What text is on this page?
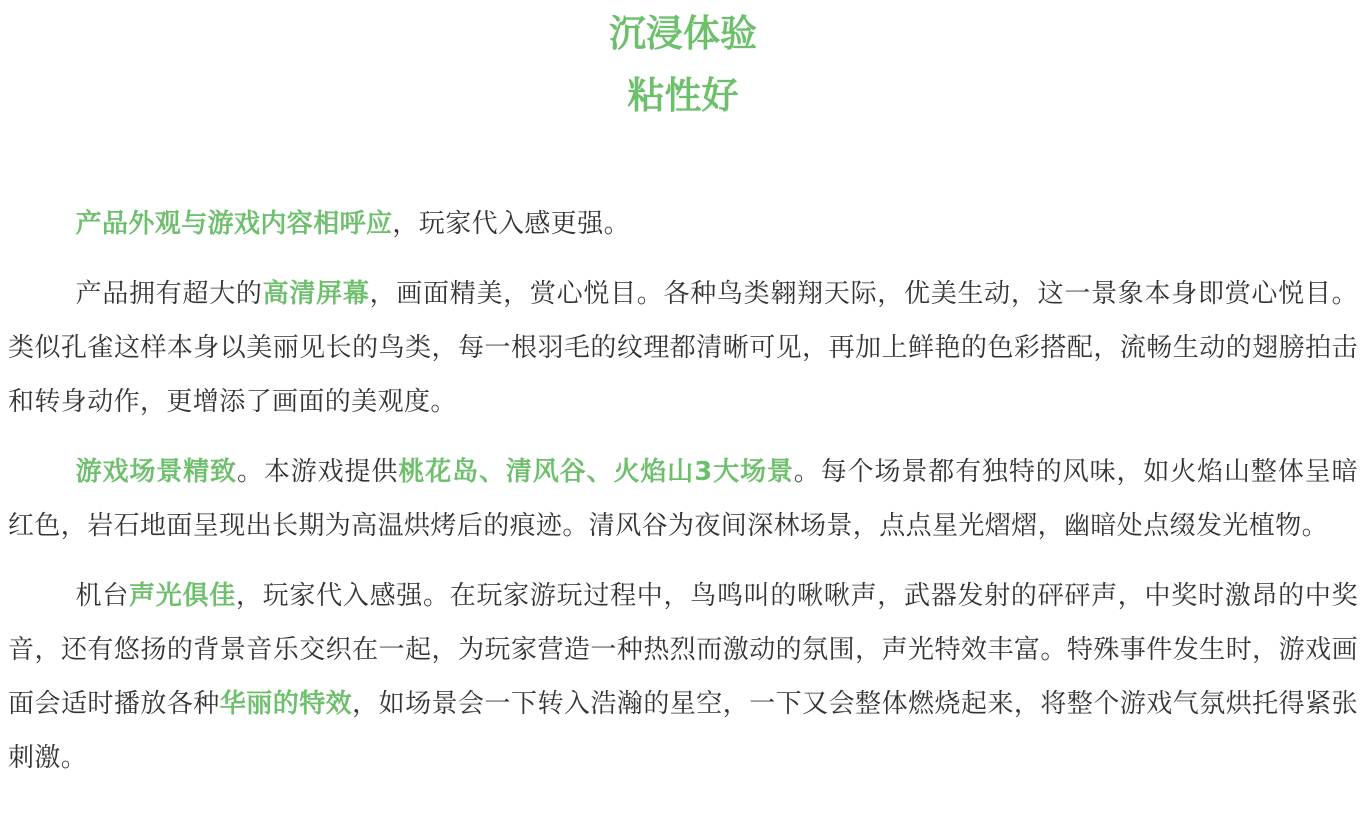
沉浸体验
粘性好

产品外观与游戏内容相呼应，玩家代入感更强。

产品拥有超大的高清屏幕，画面精美，赏心悦目。各种鸟类翱翔天际，优美生动，这一景象本身即赏心悦目。类似孔雀这样本身以美丽见长的鸟类，每一根羽毛的纹理都清晰可见，再加上鲜艳的色彩搭配，流畅生动的翅膀拍击和转身动作，更增添了画面的美观度。

游戏场景精致。本游戏提供桃花岛、清风谷、火焰山3大场景。每个场景都有独特的风味，如火焰山整体呈暗红色，岩石地面呈现出长期为高温烘烤后的痕迹。清风谷为夜间深林场景，点点星光熠熠，幽暗处点缀发光植物。

机台声光俱佳，玩家代入感强。在玩家游玩过程中，鸟鸣叫的啾啾声，武器发射的砰砰声，中奖时激昂的中奖音，还有悠扬的背景音乐交织在一起，为玩家营造一种热烈而激动的氛围，声光特效丰富。特殊事件发生时，游戏画面会适时播放各种华丽的特效，如场景会一下转入浩瀚的星空，一下又会整体燃烧起来，将整个游戏气氛烘托得紧张刺激。
